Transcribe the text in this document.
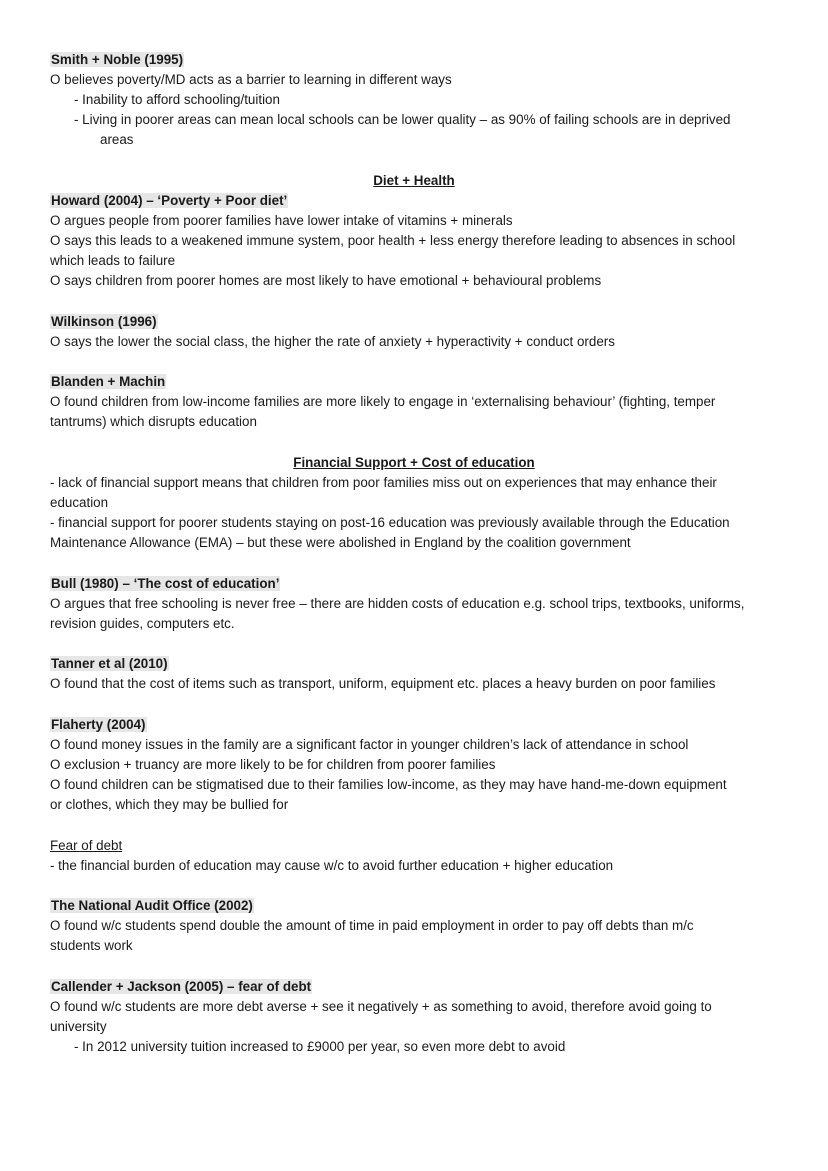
Smith + Noble (1995)
O believes poverty/MD acts as a barrier to learning in different ways
- Inability to afford schooling/tuition
- Living in poorer areas can mean local schools can be lower quality – as 90% of failing schools are in deprived
areas
Diet + Health
Howard (2004) – ‘Poverty + Poor diet’
O argues people from poorer families have lower intake of vitamins + minerals
O says this leads to a weakened immune system, poor health + less energy therefore leading to absences in school
which leads to failure
O says children from poorer homes are most likely to have emotional + behavioural problems
Wilkinson (1996)
O says the lower the social class, the higher the rate of anxiety + hyperactivity + conduct orders
Blanden + Machin
O found children from low-income families are more likely to engage in ‘externalising behaviour’ (fighting, temper
tantrums) which disrupts education
Financial Support + Cost of education
- lack of financial support means that children from poor families miss out on experiences that may enhance their
education
- financial support for poorer students staying on post-16 education was previously available through the Education
Maintenance Allowance (EMA) – but these were abolished in England by the coalition government
Bull (1980) – ‘The cost of education’
O argues that free schooling is never free – there are hidden costs of education e.g. school trips, textbooks, uniforms,
revision guides, computers etc.
Tanner et al (2010)
O found that the cost of items such as transport, uniform, equipment etc. places a heavy burden on poor families
Flaherty (2004)
O found money issues in the family are a significant factor in younger children’s lack of attendance in school
O exclusion + truancy are more likely to be for children from poorer families
O found children can be stigmatised due to their families low-income, as they may have hand-me-down equipment
or clothes, which they may be bullied for
Fear of debt
- the financial burden of education may cause w/c to avoid further education + higher education
The National Audit Office (2002)
O found w/c students spend double the amount of time in paid employment in order to pay off debts than m/c
students work
Callender + Jackson (2005) – fear of debt
O found w/c students are more debt averse + see it negatively + as something to avoid, therefore avoid going to
university
- In 2012 university tuition increased to £9000 per year, so even more debt to avoid
